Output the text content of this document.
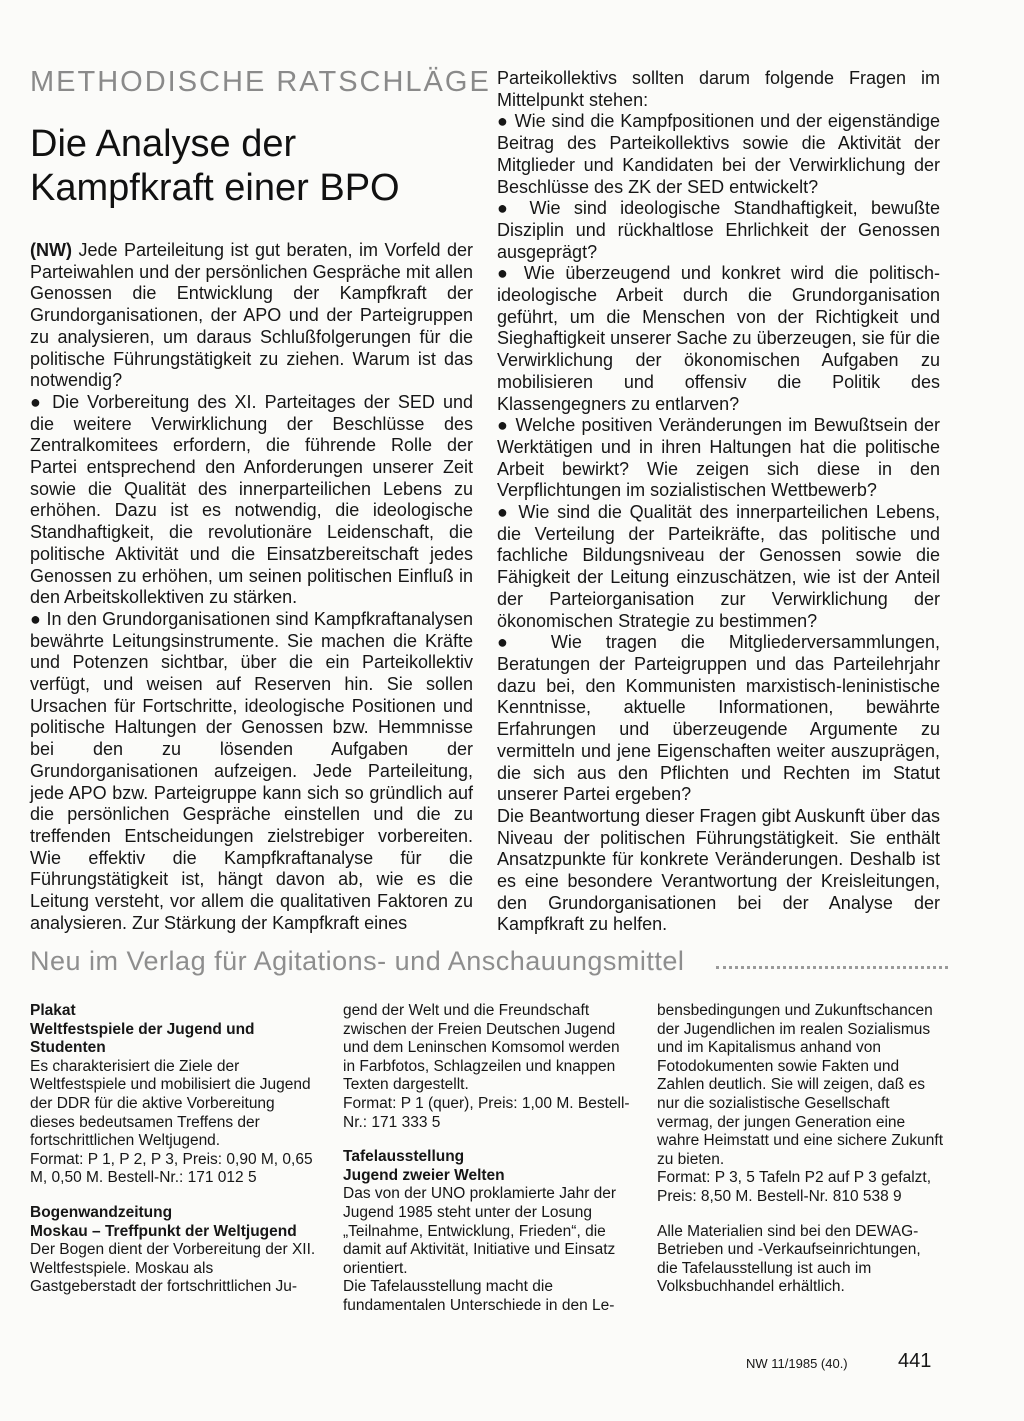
METHODISCHE RATSCHLÄGE
Die Analyse der
Kampfkraft einer BPO

(NW) Jede Parteileitung ist gut beraten, im Vorfeld der Parteiwahlen und der persönlichen Gespräche mit allen Genossen die Entwicklung der Kampfkraft der Grundorganisationen, der APO und der Parteigruppen zu analysieren, um daraus Schlußfolgerungen für die politische Führungstätigkeit zu ziehen. Warum ist das notwendig?

● Die Vorbereitung des XI. Parteitages der SED und die weitere Verwirklichung der Beschlüsse des Zentralkomitees erfordern, die führende Rolle der Partei entsprechend den Anforderungen unserer Zeit sowie die Qualität des innerparteilichen Lebens zu erhöhen. Dazu ist es notwendig, die ideologische Standhaftigkeit, die revolutionäre Leidenschaft, die politische Aktivität und die Einsatzbereitschaft jedes Genossen zu erhöhen, um seinen politischen Einfluß in den Arbeitskollektiven zu stärken.

● In den Grundorganisationen sind Kampfkraftanalysen bewährte Leitungsinstrumente. Sie machen die Kräfte und Potenzen sichtbar, über die ein Parteikollektiv verfügt, und weisen auf Reserven hin. Sie sollen Ursachen für Fortschritte, ideologische Positionen und politische Haltungen der Genossen bzw. Hemmnisse bei den zu lösenden Aufgaben der Grundorganisationen aufzeigen. Jede Parteileitung, jede APO bzw. Parteigruppe kann sich so gründlich auf die persönlichen Gespräche einstellen und die zu treffenden Entscheidungen zielstrebiger vorbereiten. Wie effektiv die Kampfkraftanalyse für die Führungstätigkeit ist, hängt davon ab, wie es die Leitung versteht, vor allem die qualitativen Faktoren zu analysieren. Zur Stärkung der Kampfkraft eines

Parteikollektivs sollten darum folgende Fragen im Mittelpunkt stehen:

● Wie sind die Kampfpositionen und der eigenständige Beitrag des Parteikollektivs sowie die Aktivität der Mitglieder und Kandidaten bei der Verwirklichung der Beschlüsse des ZK der SED entwickelt?

● Wie sind ideologische Standhaftigkeit, bewußte Disziplin und rückhaltlose Ehrlichkeit der Genossen ausgeprägt?

● Wie überzeugend und konkret wird die politisch-ideologische Arbeit durch die Grundorganisation geführt, um die Menschen von der Richtigkeit und Sieghaftigkeit unserer Sache zu überzeugen, sie für die Verwirklichung der ökonomischen Aufgaben zu mobilisieren und offensiv die Politik des Klassengegners zu entlarven?

● Welche positiven Veränderungen im Bewußtsein der Werktätigen und in ihren Haltungen hat die politische Arbeit bewirkt? Wie zeigen sich diese in den Verpflichtungen im sozialistischen Wettbewerb?

● Wie sind die Qualität des innerparteilichen Lebens, die Verteilung der Parteikräfte, das politische und fachliche Bildungsniveau der Genossen sowie die Fähigkeit der Leitung einzuschätzen, wie ist der Anteil der Parteiorganisation zur Verwirklichung der ökonomischen Strategie zu bestimmen?

● Wie tragen die Mitgliederversammlungen, Beratungen der Parteigruppen und das Parteilehrjahr dazu bei, den Kommunisten marxistisch-leninistische Kenntnisse, aktuelle Informationen, bewährte Erfahrungen und überzeugende Argumente zu vermitteln und jene Eigenschaften weiter auszuprägen, die sich aus den Pflichten und Rechten im Statut unserer Partei ergeben?

Die Beantwortung dieser Fragen gibt Auskunft über das Niveau der politischen Führungstätigkeit. Sie enthält Ansatzpunkte für konkrete Veränderungen. Deshalb ist es eine besondere Verantwortung der Kreisleitungen, den Grundorganisationen bei der Analyse der Kampfkraft zu helfen.

Neu im Verlag für Agitations- und Anschauungsmittel

Plakat

Weltfestspiele der Jugend und Studenten

Es charakterisiert die Ziele der Weltfestspiele und mobilisiert die Jugend der DDR für die aktive Vorbereitung dieses bedeutsamen Treffens der fortschrittlichen Weltjugend.

Format: P 1, P 2, P 3, Preis: 0,90 M, 0,65 M, 0,50 M. Bestell-Nr.: 171 012 5

Bogenwandzeitung

Moskau – Treffpunkt der Weltjugend

Der Bogen dient der Vorbereitung der XII. Weltfestspiele. Moskau als Gastgeberstadt der fortschrittlichen Ju-

gend der Welt und die Freundschaft zwischen der Freien Deutschen Jugend und dem Leninschen Komsomol werden in Farbfotos, Schlagzeilen und knappen Texten dargestellt.

Format: P 1 (quer), Preis: 1,00 M. Bestell-Nr.: 171 333 5

Tafelausstellung

Jugend zweier Welten

Das von der UNO proklamierte Jahr der Jugend 1985 steht unter der Losung „Teilnahme, Entwicklung, Frieden“, die damit auf Aktivität, Initiative und Einsatz orientiert.

Die Tafelausstellung macht die fundamentalen Unterschiede in den Le-

bensbedingungen und Zukunftschancen der Jugendlichen im realen Sozialismus und im Kapitalismus anhand von Fotodokumenten sowie Fakten und Zahlen deutlich. Sie will zeigen, daß es nur die sozialistische Gesellschaft vermag, der jungen Generation eine wahre Heimstatt und eine sichere Zukunft zu bieten.

Format: P 3, 5 Tafeln P2 auf P 3 gefalzt, Preis: 8,50 M. Bestell-Nr. 810 538 9

Alle Materialien sind bei den DEWAG-Betrieben und -Verkaufseinrichtungen, die Tafelausstellung ist auch im Volksbuchhandel erhältlich.

NW 11/1985 (40.)	441
